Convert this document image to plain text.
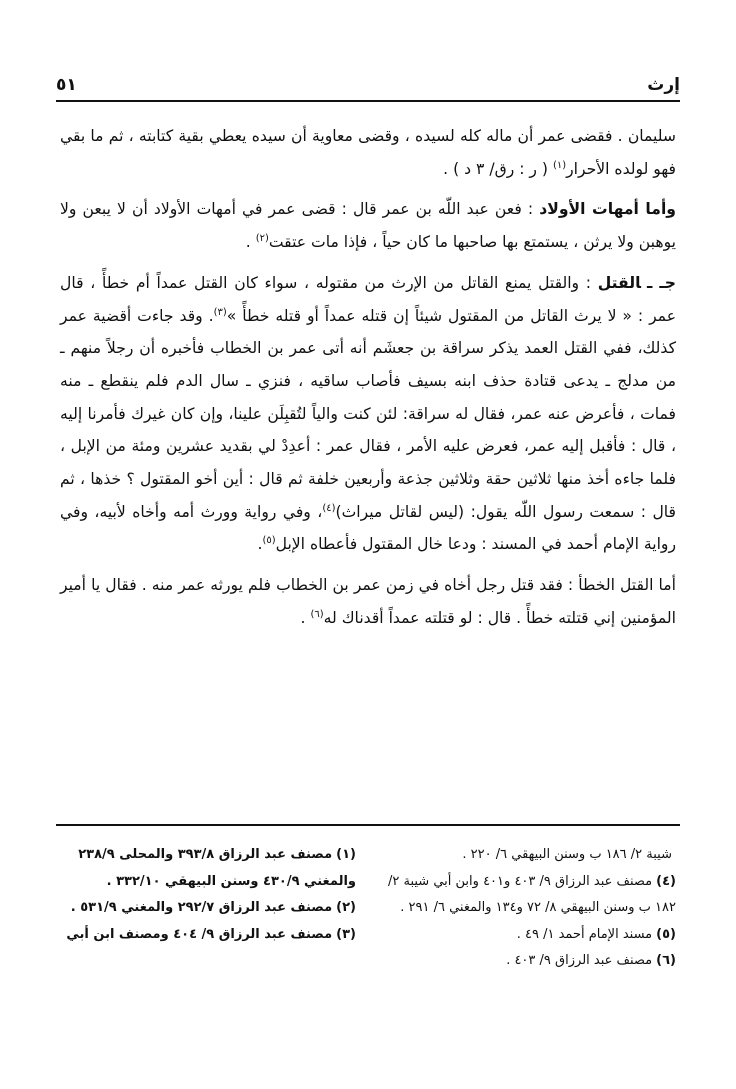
٥١	إرث

سليمان . فقضى عمر أن ماله كله لسيده ، وقضى معاوية أن سيده يعطي بقية كتابته ، ثم ما بقي فهو لولده الأحرار$^{(١)}$ ( ر : رق/ ٣ د ) .

وأما أمهات الأولاد : فعن عبد اللّه بن عمر قال : قضى عمر في أمهات الأولاد أن لا يبعن ولا يوهبن ولا يرثن ، يستمتع بها صاحبها ما كان حياً ، فإذا مات عتقت$^{(٢)}$ .

جـ ـالقتل : والقتل يمنع القاتل من الإرث من مقتوله ، سواء كان القتل عمداً أم خطأً ، قال عمر : « لا يرث القاتل من المقتول شيئاً إن قتله عمداً أو قتله خطأً »$^{(٣)}$. وقد جاءت أقضية عمر كذلك، ففي القتل العمد يذكر سراقة بن جعشَم أنه أتى عمر بن الخطاب فأخبره أن رجلاً منهم ـ من مدلج ـ يدعى قتادة حذف ابنه بسيف فأصاب ساقيه ، فنزي ـ سال الدم فلم ينقطع ـ منه فمات ، فأعرض عنه عمر، فقال له سراقة: لئن كنت والياً لتُقبِلَن علينا، وإن كان غيرك فأمرنا إليه ، قال : فأقبل إليه عمر، فعرض عليه الأمر ، فقال عمر : أعدِدْ لي بقديد عشرين ومئة من الإبل ، فلما جاءه أخذ منها ثلاثين حقة وثلاثين جذعة وأربعين خلفة ثم قال : أين أخو المقتول ؟ خذها ، ثم قال : سمعت رسول اللّه يقول: (ليس لقاتل ميراث)$^{(٤)}$، وفي رواية وورث أمه وأخاه لأبيه، وفي رواية الإمام أحمد في المسند : ودعا خال المقتول فأعطاه الإبل$^{(٥)}$.

أما القتل الخطأ : فقد قتل رجل أخاه في زمن عمر بن الخطاب فلم يورثه عمر منه . فقال يا أمير المؤمنين إني قتلته خطأً . قال : لو قتلته عمداً أقدناك له$^{(٦)}$ .

(١)مصنف عبد الرزاق ٣٩٣/٨ والمحلى ٢٣٨/٩ والمغني ٤٣٠/٩ وسنن البيهقي ٣٣٢/١٠ .
(٢)مصنف عبد الرزاق ٢٩٢/٧ والمغني ٥٣١/٩ .
(٣)مصنف عبد الرزاق ٩/ ٤٠٤ ومصنف ابن أبي
شيبة ٢/ ١٨٦ ب وسنن البيهقي ٦/ ٢٢٠ .
(٤)مصنف عبد الرزاق ٩/ ٤٠٣ و٤٠١ وابن أبي شيبة ٢/ ١٨٢ ب وسنن البيهقي ٨/ ٧٢ و١٣٤ والمغني ٦/ ٢٩١ .
(٥)مسند الإمام أحمد ١/ ٤٩ .
(٦)مصنف عبد الرزاق ٩/ ٤٠٣ .
